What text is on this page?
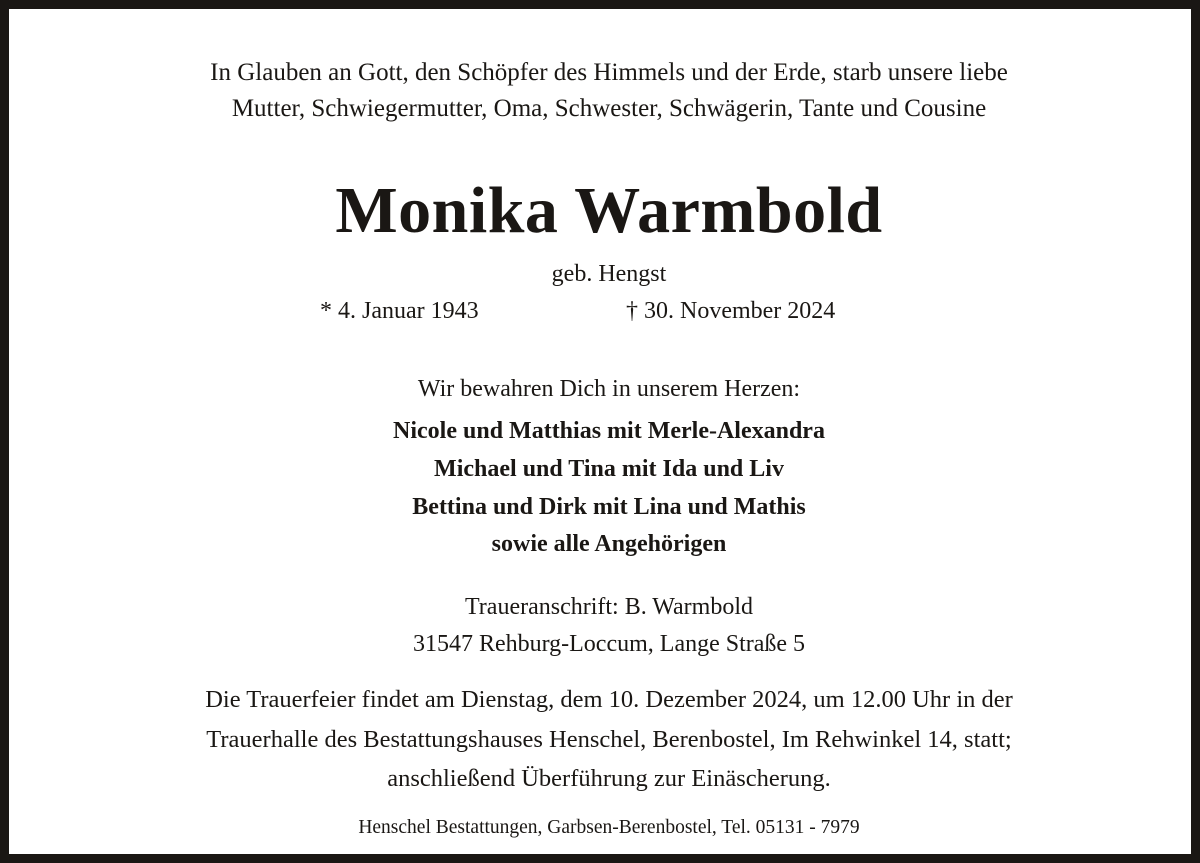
In Glauben an Gott, den Schöpfer des Himmels und der Erde, starb unsere liebe
Mutter, Schwiegermutter, Oma, Schwester, Schwägerin, Tante und Cousine
Monika Warmbold
geb. Hengst
* 4. Januar 1943	† 30. November 2024
Wir bewahren Dich in unserem Herzen:
Nicole und Matthias mit Merle-Alexandra
Michael und Tina mit Ida und Liv
Bettina und Dirk mit Lina und Mathis
sowie alle Angehörigen
Traueranschrift: B. Warmbold
31547 Rehburg-Loccum, Lange Straße 5
Die Trauerfeier findet am Dienstag, dem 10. Dezember 2024, um 12.00 Uhr in der
Trauerhalle des Bestattungshauses Henschel, Berenbostel, Im Rehwinkel 14, statt;
anschließend Überführung zur Einäscherung.
Henschel Bestattungen, Garbsen-Berenbostel, Tel. 05131 - 7979
